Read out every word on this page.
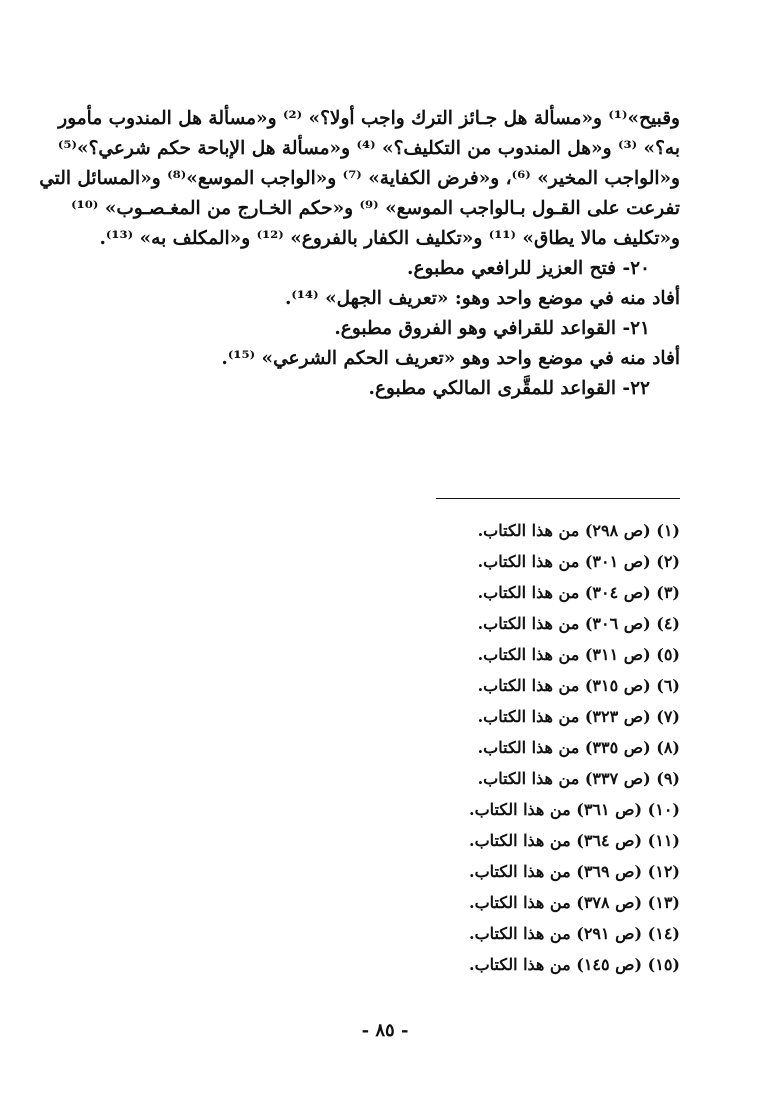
وقبيح»⁽¹⁾ و«مسألة هل جـائز الترك واجب أولا؟» ⁽²⁾ و«مسألة هل المندوب مأمور
به؟» ⁽³⁾ و«هل المندوب من التكليف؟» ⁽⁴⁾ و«مسألة هل الإباحة حكم شرعي؟»⁽⁵⁾
و«الواجب المخير» ⁽⁶⁾، و«فرض الكفاية» ⁽⁷⁾ و«الواجب الموسع»⁽⁸⁾ و«المسائل التي
تفرعت على القـول بـالواجب الموسع» ⁽⁹⁾ و«حكم الخـارج من المغـصـوب» ⁽¹⁰⁾
و«تكليف مالا يطاق» ⁽¹¹⁾ و«تكليف الكفار بالفروع» ⁽¹²⁾ و«المكلف به» ⁽¹³⁾.
٢٠- فتح العزيز للرافعي مطبوع.
أفاد منه في موضع واحد وهو: «تعريف الجهل» ⁽¹⁴⁾.
٢١- القواعد للقرافي وهو الفروق مطبوع.
أفاد منه في موضع واحد وهو «تعريف الحكم الشرعي» ⁽¹⁵⁾.
٢٢- القواعد للمقَّرى المالكي مطبوع.
(١) (ص ٢٩٨) من هذا الكتاب.
(٢) (ص ٣٠١) من هذا الكتاب.
(٣) (ص ٣٠٤) من هذا الكتاب.
(٤) (ص ٣٠٦) من هذا الكتاب.
(٥) (ص ٣١١) من هذا الكتاب.
(٦) (ص ٣١٥) من هذا الكتاب.
(٧) (ص ٣٢٣) من هذا الكتاب.
(٨) (ص ٣٣٥) من هذا الكتاب.
(٩) (ص ٣٣٧) من هذا الكتاب.
(١٠) (ص ٣٦١) من هذا الكتاب.
(١١) (ص ٣٦٤) من هذا الكتاب.
(١٢) (ص ٣٦٩) من هذا الكتاب.
(١٣) (ص ٣٧٨) من هذا الكتاب.
(١٤) (ص ٢٩١) من هذا الكتاب.
(١٥) (ص ١٤٥) من هذا الكتاب.
- ٨٥ -
